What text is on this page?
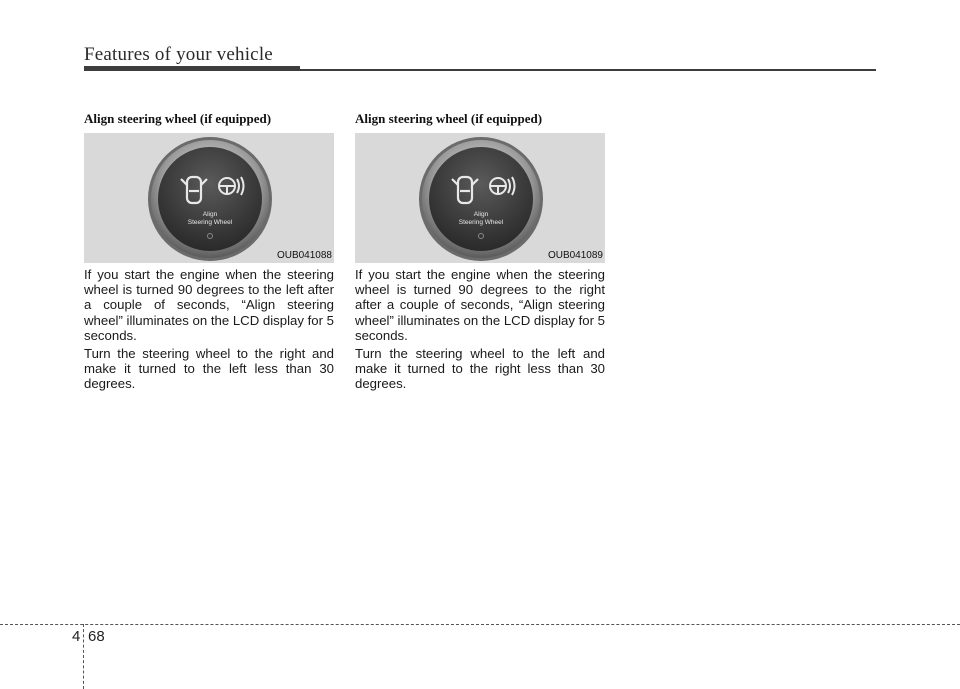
Features of your vehicle
Align steering wheel (if equipped)
Align
Steering Wheel
OUB041088

If you start the engine when the steering wheel is turned 90 degrees to the left after a couple of seconds, “Align steering wheel” illuminates on the LCD display for 5 seconds.

Turn the steering wheel to the right and make it turned to the left less than 30 degrees.

Align steering wheel (if equipped)
Align
Steering Wheel
OUB041089

If you start the engine when the steering wheel is turned 90 degrees to the right after a couple of seconds, “Align steering wheel” illuminates on the LCD display for 5 seconds.

Turn the steering wheel to the left and make it turned to the right less than 30 degrees.

4 68
